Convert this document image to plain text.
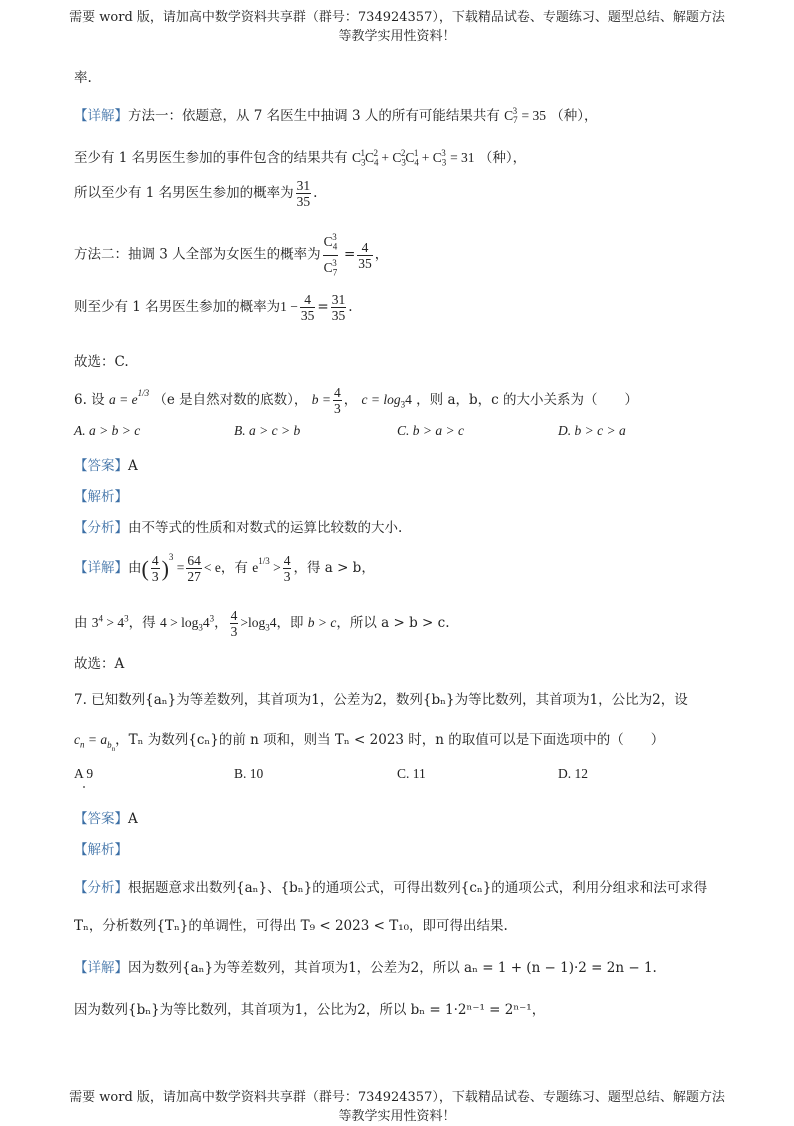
需要 word 版，请加高中数学资料共享群（群号：734924357），下载精品试卷、专题练习、题型总结、解题方法
等教学实用性资料！
率.
【详解】方法一：依题意，从 7 名医生中抽调 3 人的所有可能结果共有 $C_7^3 = 35$ （种），
至少有 1 名男医生参加的事件包含的结果共有 $C_3^1C_4^2 + C_3^2C_4^1 + C_3^3 = 31$ （种），
所以至少有 1 名男医生参加的概率为 $\frac{31}{35}$ .
方法二：抽调 3 人全部为女医生的概率为 $\frac{C_4^3}{C_7^3} = \frac{4}{35}$ ，
则至少有 1 名男医生参加的概率为$1 - \frac{4}{35} = \frac{31}{35}$ .
故选：C.
6. 设 $a = e^{1/3}$ （e 是自然对数的底数）， $b = \frac{4}{3}$ ， $c = \log_34$ ，则 a，b，c 的大小关系为（　　）
A. a > b > c	B. a > c > b	C. b > a > c	D. b > c > a
【答案】A
【解析】
【分析】由不等式的性质和对数式的运算比较数的大小.
【详解】由( $\frac{4}{3} )^3 = \frac{64}{27} < e$，有 $e^{1/3} > \frac{4}{3}$ ，得 a > b，
由 $3^4 > 4^3$，得 $4 > \log_34^3$， $\frac{4}{3} >\log_34$，即 b > c，所以 a > b > c.
故选：A
7. 已知数列{aₙ}为等差数列，其首项为1，公差为2，数列{bₙ}为等比数列，其首项为1，公比为2，设
$c_n = a_{b_n}$，Tₙ 为数列{cₙ}的前 n 项和，则当 Tₙ < 2023 时，n 的取值可以是下面选项中的（　　）
A 9	B. 10	C. 11	D. 12
【答案】A
【解析】
【分析】根据题意求出数列{aₙ}、{bₙ}的通项公式，可得出数列{cₙ}的通项公式，利用分组求和法可求得
Tₙ，分析数列{Tₙ}的单调性，可得出 T₉ < 2023 < T₁₀，即可得出结果.
【详解】因为数列{aₙ}为等差数列，其首项为1，公差为2，所以 aₙ = 1 + (n − 1)·2 = 2n − 1.
因为数列{bₙ}为等比数列，其首项为1，公比为2，所以 bₙ = 1·2ⁿ⁻¹ = 2ⁿ⁻¹，
需要 word 版，请加高中数学资料共享群（群号：734924357），下载精品试卷、专题练习、题型总结、解题方法
等教学实用性资料！
